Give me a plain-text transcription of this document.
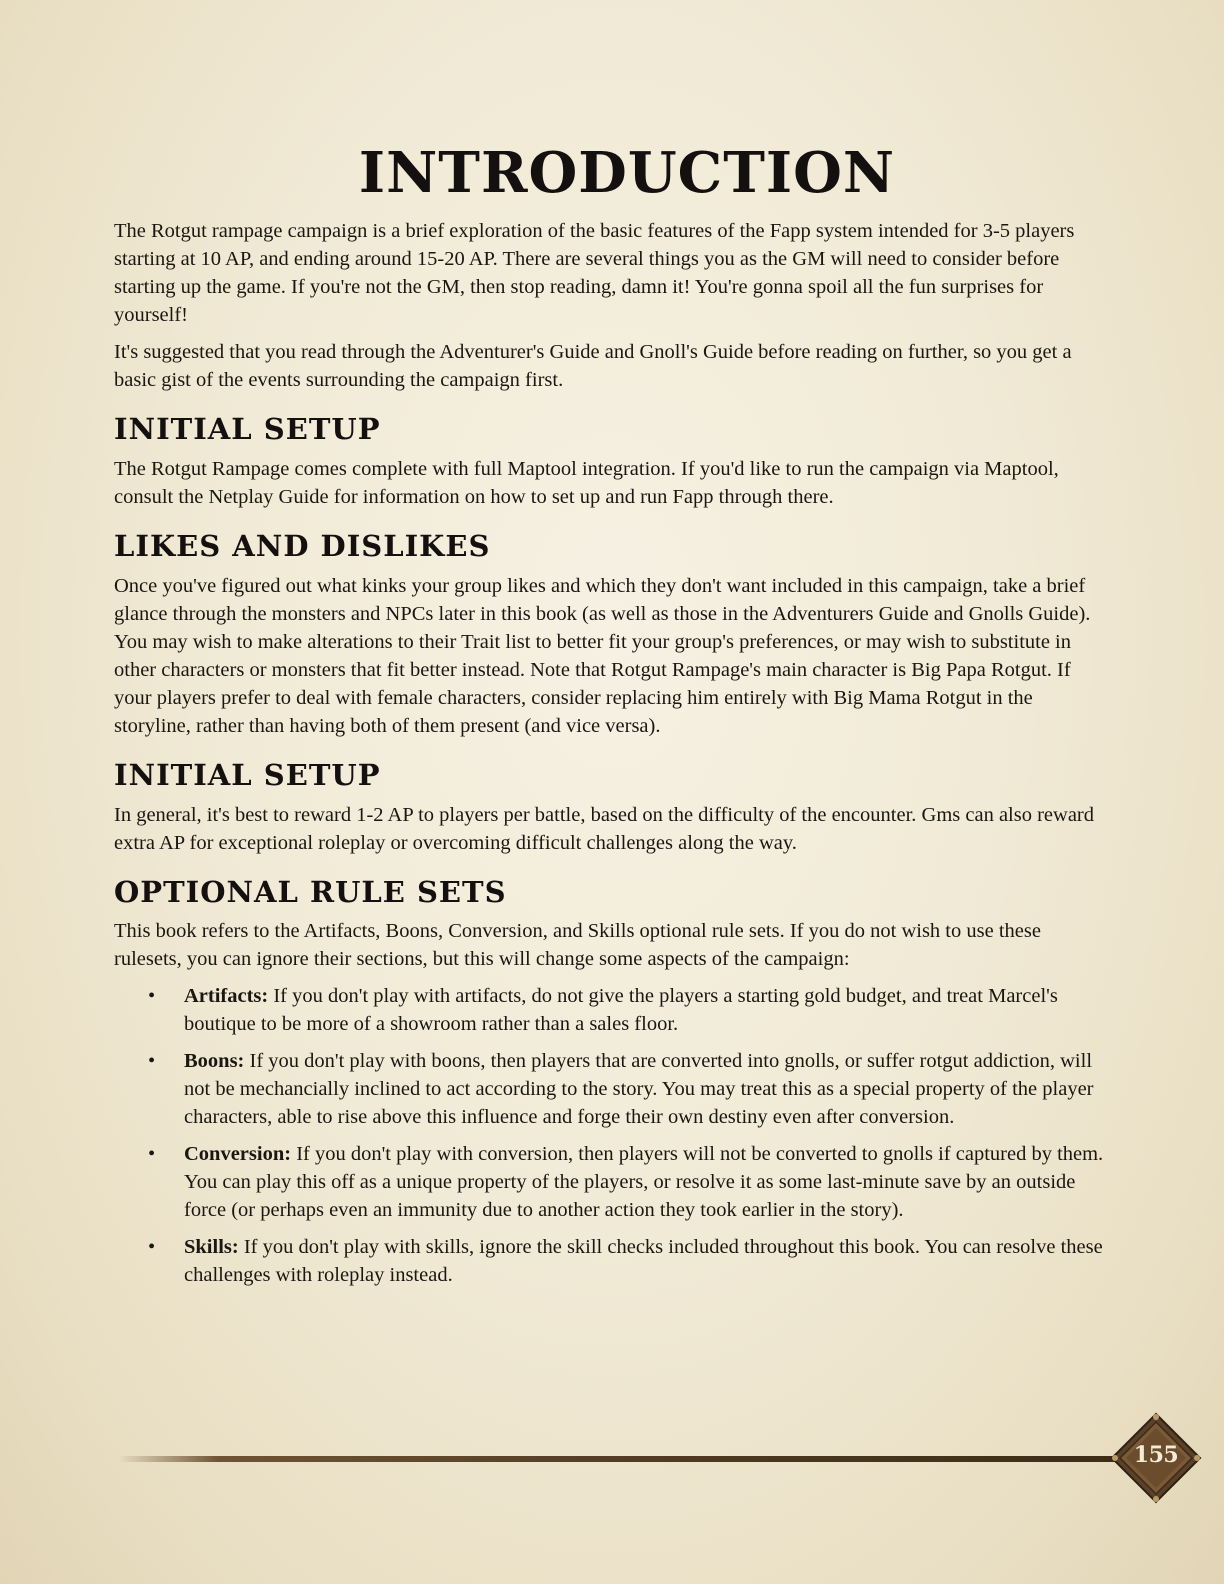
INTRODUCTION

The Rotgut rampage campaign is a brief exploration of the basic features of the Fapp system intended for 3-5 players starting at 10 AP, and ending around 15-20 AP. There are several things you as the GM will need to consider before starting up the game. If you're not the GM, then stop reading, damn it! You're gonna spoil all the fun surprises for yourself!

It's suggested that you read through the Adventurer's Guide and Gnoll's Guide before reading on further, so you get a basic gist of the events surrounding the campaign first.

INITIAL SETUP

The Rotgut Rampage comes complete with full Maptool integration. If you'd like to run the campaign via Maptool, consult the Netplay Guide for information on how to set up and run Fapp through there.

LIKES AND DISLIKES

Once you've figured out what kinks your group likes and which they don't want included in this campaign, take a brief glance through the monsters and NPCs later in this book (as well as those in the Adventurers Guide and Gnolls Guide). You may wish to make alterations to their Trait list to better fit your group's preferences, or may wish to substitute in other characters or monsters that fit better instead. Note that Rotgut Rampage's main character is Big Papa Rotgut. If your players prefer to deal with female characters, consider replacing him entirely with Big Mama Rotgut in the storyline, rather than having both of them present (and vice versa).

INITIAL SETUP

In general, it's best to reward 1-2 AP to players per battle, based on the difficulty of the encounter. Gms can also reward extra AP for exceptional roleplay or overcoming difficult challenges along the way.

OPTIONAL RULE SETS

This book refers to the Artifacts, Boons, Conversion, and Skills optional rule sets. If you do not wish to use these rulesets, you can ignore their sections, but this will change some aspects of the campaign:

• Artifacts: If you don't play with artifacts, do not give the players a starting gold budget, and treat Marcel's boutique to be more of a showroom rather than a sales floor.
• Boons: If you don't play with boons, then players that are converted into gnolls, or suffer rotgut addiction, will not be mechancially inclined to act according to the story. You may treat this as a special property of the player characters, able to rise above this influence and forge their own destiny even after conversion.
• Conversion: If you don't play with conversion, then players will not be converted to gnolls if captured by them. You can play this off as a unique property of the players, or resolve it as some last-minute save by an outside force (or perhaps even an immunity due to another action they took earlier in the story).
• Skills: If you don't play with skills, ignore the skill checks included throughout this book. You can resolve these challenges with roleplay instead.
155
